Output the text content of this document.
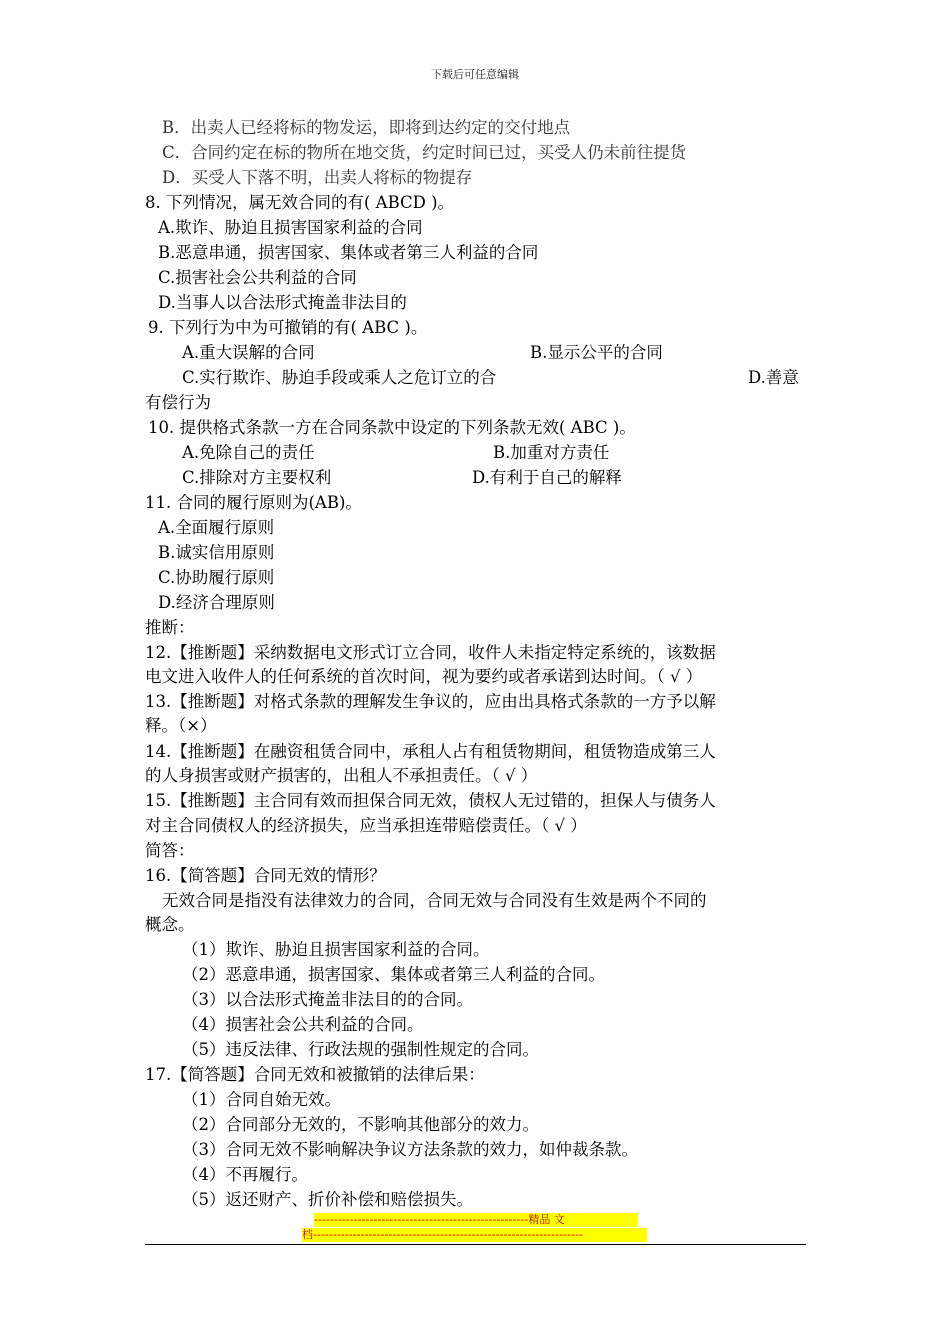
下载后可任意编辑
B．出卖人已经将标的物发运，即将到达约定的交付地点
C．合同约定在标的物所在地交货，约定时间已过，买受人仍未前往提货
D．买受人下落不明，出卖人将标的物提存
8. 下列情况，属无效合同的有( ABCD )。
A.欺诈、胁迫且损害国家利益的合同
B.恶意串通，损害国家、集体或者第三人利益的合同
C.损害社会公共利益的合同
D.当事人以合法形式掩盖非法目的
9. 下列行为中为可撤销的有( ABC )。
A.重大误解的合同	B.显示公平的合同
C.实行欺诈、胁迫手段或乘人之危订立的合	D.善意
有偿行为
10. 提供格式条款一方在合同条款中设定的下列条款无效( ABC )。
A.免除自己的责任	B.加重对方责任
C.排除对方主要权利	D.有利于自己的解释
11. 合同的履行原则为(AB)。
A.全面履行原则
B.诚实信用原则
C.协助履行原则
D.经济合理原则
推断：
12.【推断题】采纳数据电文形式订立合同，收件人未指定特定系统的，该数据
电文进入收件人的任何系统的首次时间，视为要约或者承诺到达时间。（ √ ）
13.【推断题】对格式条款的理解发生争议的，应由出具格式条款的一方予以解
释。（×）
14.【推断题】在融资租赁合同中，承租人占有租赁物期间，租赁物造成第三人
的人身损害或财产损害的，出租人不承担责任。（ √ ）
15.【推断题】主合同有效而担保合同无效，债权人无过错的，担保人与债务人
对主合同债权人的经济损失，应当承担连带赔偿责任。（ √ ）
简答：
16.【简答题】合同无效的情形？
无效合同是指没有法律效力的合同，合同无效与合同没有生效是两个不同的
概念。
（1）欺诈、胁迫且损害国家利益的合同。
（2）恶意串通，损害国家、集体或者第三人利益的合同。
（3）以合法形式掩盖非法目的的合同。
（4）损害社会公共利益的合同。
（5）违反法律、行政法规的强制性规定的合同。
17.【简答题】合同无效和被撤销的法律后果：
（1）合同自始无效。
（2）合同部分无效的，不影响其他部分的效力。
（3）合同无效不影响解决争议方法条款的效力，如仲裁条款。
（4）不再履行。
（5）返还财产、折价补偿和赔偿损失。
------------------------------------------------------精品 文
档--------------------------------------------------------------------
